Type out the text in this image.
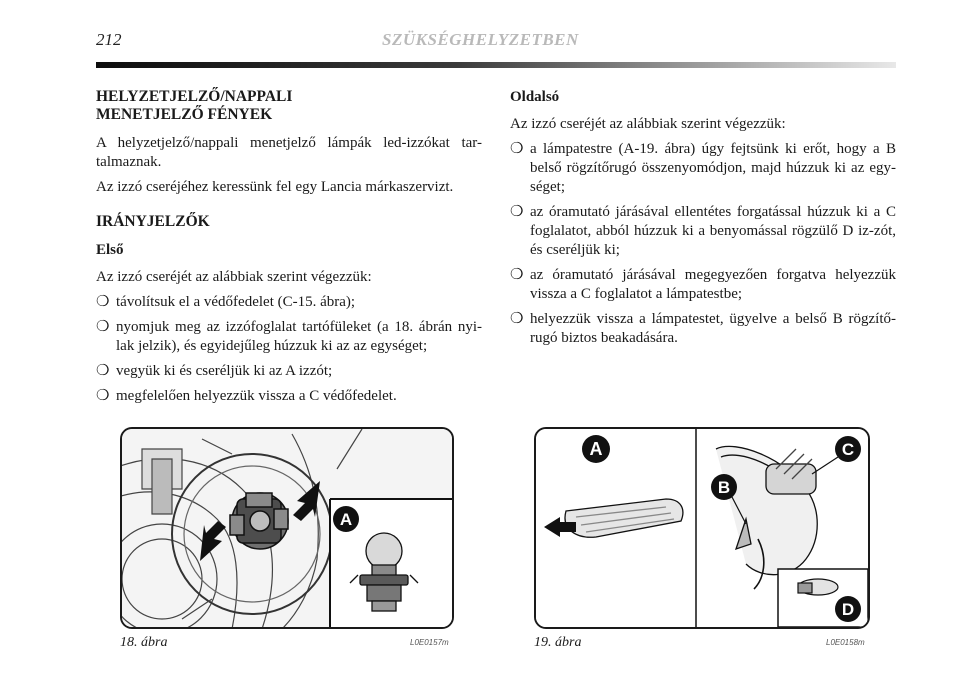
212	SZÜKSÉGHELYZETBEN
HELYZETJELZŐ/NAPPALI
MENETJELZŐ FÉNYEK

A helyzetjelző/nappali menetjelző lámpák led-izzókat tar-talmaznak.

Az izzó cseréjéhez keressünk fel egy Lancia márkaszervizt.

IRÁNYJELZŐK
Első

Az izzó cseréjét az alábbiak szerint végezzük:

❍ távolítsuk el a védőfedelet (C-15. ábra);
❍ nyomjuk meg az izzófoglalat tartófüleket (a 18. ábrán nyi-lak jelzik), és egyidejűleg húzzuk ki az az egységet;
❍ vegyük ki és cseréljük ki az A izzót;
❍ megfelelően helyezzük vissza a C védőfedelet.
Oldalsó

Az izzó cseréjét az alábbiak szerint végezzük:

❍ a lámpatestre (A-19. ábra) úgy fejtsünk ki erőt, hogy a B belső rögzítőrugó összenyomódjon, majd húzzuk ki az egy-séget;
❍ az óramutató járásával ellentétes forgatással húzzuk ki a C foglalatot, abból húzzuk ki a benyomással rögzülő D iz-zót, és cseréljük ki;
❍ az óramutató járásával megegyezően forgatva helyezzük vissza a C foglalatot a lámpatestbe;
❍ helyezzük vissza a lámpatestet, ügyelve a belső B rögzítő-rugó biztos beakadására.
A
18. ábra	L0E0157m
A
B
C
D
19. ábra	L0E0158m
